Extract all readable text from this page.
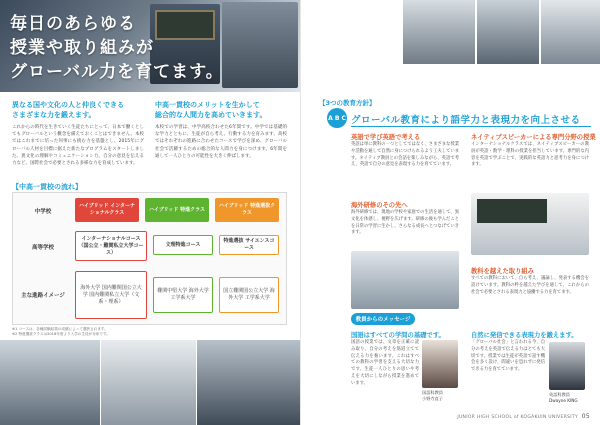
毎日のあらゆる
授業や取り組みが
グローバル力を育てます。
異なる国や文化の人と仲良くできる
さまざまな力を鍛えます。

これからの時代を生きていく生徒たちにとって、日本で働くとしてもグローバルという概念を備えておくことはできません。本校ではこれまでに培った何事にも挑む力を基盤とし、2015年にグローバル人材を目標に据えた新たなプログラムをスタートしました。異文化の理解やコミュニケーション力、自分の意見を伝える力など、国際社会で必要とされる多様な力を育成しています。

中高一貫校のメリットを生かして
総合的な人間力を高めていきます。

本校での学習は、中学高校合わせた6年間です。中学では基礎的な学力とともに、生徒が自ら考え、行動する力を育みます。高校ではそれぞれの進路に合わせたコースで学びを深め、グローバル社会で活躍するための総合的な人間力を身につけます。6年間を通して一人ひとりの可能性を大きく伸ばします。

【中高一貫校の流れ】
中学校
ハイブリッド インターナショナルクラス
ハイブリッド 特進クラス
ハイブリッド 特進選抜クラス
高等学校
インターナショナルコース（国公立・難関私立大学コース）
文理特進コース
特進選抜 サイエンスコース
主な進路イメージ
海外大学 国内難関国公立大学 国内難関私立大学（文系・理系）
難関中堅大学 海外大学 工学系大学
国立難関国公立大学 海外大学 工学系大学
※1 コースは、各種試験結果の成績によって選択されます。
※2 特進選抜クラスは2018年度より入学の生徒が対象です。
【3つの教育方針】
A B C グローバル教育により語学力と表現力を向上させる
英語で学び英語で考える
英語は単に教科の一つとしてではなく、さまざまな授業や活動を通して自然に身につけられるよう工夫しています。ネイティブ教員との会話を楽しみながら、英語で考え、英語で自分の意見を表現する力を育てています。
海外研修のその先へ
海外研修では、現地の学校や家庭での生活を通して、異文化を体感し、視野を広げます。研修の後も学んだことを日常の学習に生かし、さらなる成長へとつなげていきます。
ネイティブスピーカーによる専門分野の授業
インターナショナルクラスでは、ネイティブスピーカーの教員が英語・数学・理科の授業を担当しています。専門的な内容を英語で学ぶことで、実践的な英語力と思考力を身につけます。
教科を越えた取り組み
すべての教科において、自ら考え、議論し、発表する機会を設けています。教科の枠を越えた学びを通して、これからの社会で必要とされる表現力と協働する力を育てます。
教員からのメッセージ
国語はすべての学問の基礎です。
国語の授業では、文章を正確に読み取り、自分の考えを筋道立てて伝える力を養います。これはすべての教科の学習を支える大切な力です。生徒一人ひとりの思いや考えを大切にしながら授業を進めています。
国語科教員
小野寺直子
自然に発信できる表現力を鍛えます。
「グローバル社会」と言われる今、自分の考えを英語で伝える力はとても大切です。授業では生徒が英語で話す機会を多く設け、間違いを恐れずに発信できる力を育てています。
英語科教員
Dwayne KING
JUNIOR HIGH SCHOOL of KOGAKUIN UNIVERSITY 05
